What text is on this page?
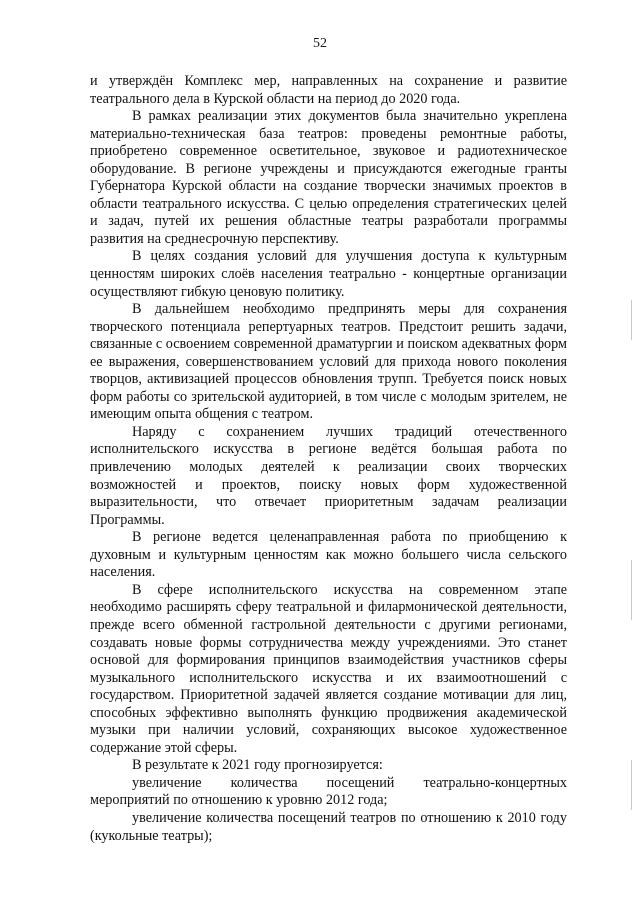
52

и утверждён Комплекс мер, направленных на сохранение и развитие театрального дела в Курской области на период до 2020 года.

В рамках реализации этих документов была значительно укреплена материально-техническая база театров: проведены ремонтные работы, приобретено современное осветительное, звуковое и радиотехническое оборудование. В регионе учреждены и присуждаются ежегодные гранты Губернатора Курской области на создание творчески значимых проектов в области театрального искусства. С целью определения стратегических целей и задач, путей их решения областные театры разработали программы развития на среднесрочную перспективу.

В целях создания условий для улучшения доступа к культурным ценностям широких слоёв населения театрально - концертные организации осуществляют гибкую ценовую политику.

В дальнейшем необходимо предпринять меры для сохранения творческого потенциала репертуарных театров. Предстоит решить задачи, связанные с освоением современной драматургии и поиском адекватных форм ее выражения, совершенствованием условий для прихода нового поколения творцов, активизацией процессов обновления трупп. Требуется поиск новых форм работы со зрительской аудиторией, в том числе с молодым зрителем, не имеющим опыта общения с театром.

Наряду с сохранением лучших традиций отечественного исполнительского искусства в регионе ведётся большая работа по привлечению молодых деятелей к реализации своих творческих возможностей и проектов, поиску новых форм художественной выразительности, что отвечает приоритетным задачам реализации Программы.

В регионе ведется целенаправленная работа по приобщению к духовным и культурным ценностям как можно большего числа сельского населения.

В сфере исполнительского искусства на современном этапе необходимо расширять сферу театральной и филармонической деятельности, прежде всего обменной гастрольной деятельности с другими регионами, создавать новые формы сотрудничества между учреждениями. Это станет основой для формирования принципов взаимодействия участников сферы музыкального исполнительского искусства и их взаимоотношений с государством. Приоритетной задачей является создание мотивации для лиц, способных эффективно выполнять функцию продвижения академической музыки при наличии условий, сохраняющих высокое художественное содержание этой сферы.

В результате к 2021 году прогнозируется:

увеличение количества посещений театрально-концертных мероприятий по отношению к уровню 2012 года;

увеличение количества посещений театров по отношению к 2010 году (кукольные театры);
